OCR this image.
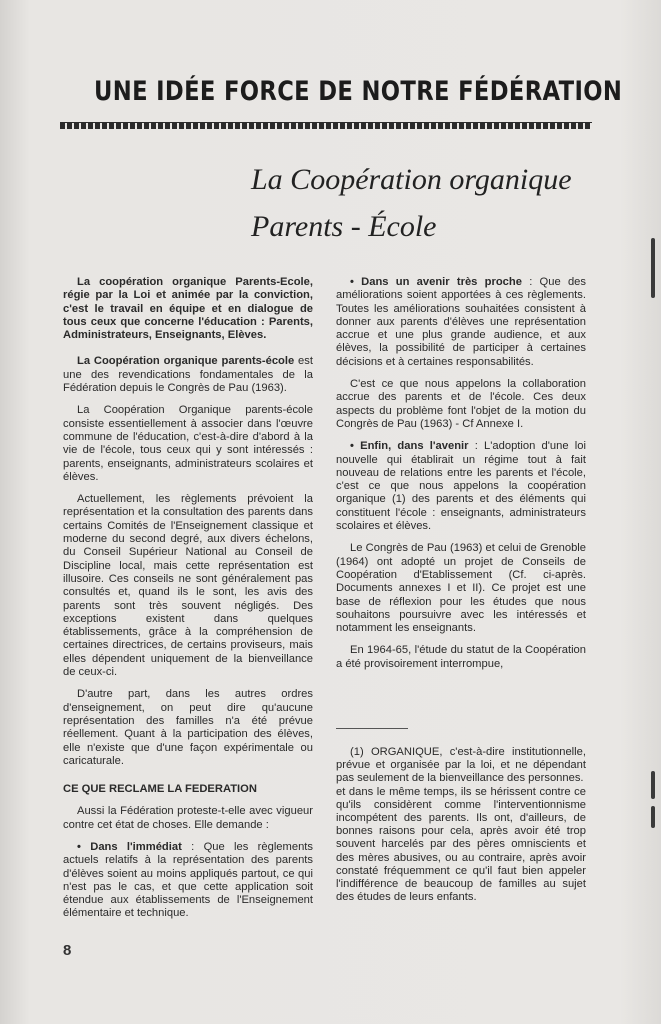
UNE IDÉE FORCE DE NOTRE FÉDÉRATION
La Coopération organique
Parents - École

La coopération organique Parents-Ecole, régie par la Loi et animée par la conviction, c'est le travail en équipe et en dialogue de tous ceux que concerne l'éducation : Parents, Administrateurs, Enseignants, Elèves.

La Coopération organique parents-école est une des revendications fondamentales de la Fédération depuis le Congrès de Pau (1963).

La Coopération Organique parents-école consiste essentiellement à associer dans l'œuvre commune de l'éducation, c'est-à-dire d'abord à la vie de l'école, tous ceux qui y sont intéressés : parents, enseignants, administrateurs scolaires et élèves.

Actuellement, les règlements prévoient la représentation et la consultation des parents dans certains Comités de l'Enseignement classique et moderne du second degré, aux divers échelons, du Conseil Supérieur National au Conseil de Discipline local, mais cette représentation est illusoire. Ces conseils ne sont généralement pas consultés et, quand ils le sont, les avis des parents sont très souvent négligés. Des exceptions existent dans quelques établissements, grâce à la compréhension de certaines directrices, de certains proviseurs, mais elles dépendent uniquement de la bienveillance de ceux-ci.

D'autre part, dans les autres ordres d'enseignement, on peut dire qu'aucune représentation des familles n'a été prévue réellement. Quant à la participation des élèves, elle n'existe que d'une façon expérimentale ou caricaturale.

CE QUE RECLAME LA FEDERATION

Aussi la Fédération proteste-t-elle avec vigueur contre cet état de choses. Elle demande :

• Dans l'immédiat : Que les règlements actuels relatifs à la représentation des parents d'élèves soient au moins appliqués partout, ce qui n'est pas le cas, et que cette application soit étendue aux établissements de l'Enseignement élémentaire et technique.

• Dans un avenir très proche : Que des améliorations soient apportées à ces règlements. Toutes les améliorations souhaitées consistent à donner aux parents d'élèves une représentation accrue et une plus grande audience, et aux élèves, la possibilité de participer à certaines décisions et à certaines responsabilités.

C'est ce que nous appelons la collaboration accrue des parents et de l'école. Ces deux aspects du problème font l'objet de la motion du Congrès de Pau (1963) - Cf Annexe I.

• Enfin, dans l'avenir : L'adoption d'une loi nouvelle qui établirait un régime tout à fait nouveau de relations entre les parents et l'école, c'est ce que nous appelons la coopération organique (1) des parents et des éléments qui constituent l'école : enseignants, administrateurs scolaires et élèves.

Le Congrès de Pau (1963) et celui de Grenoble (1964) ont adopté un projet de Conseils de Coopération d'Etablissement (Cf. ci-après. Documents annexes I et II). Ce projet est une base de réflexion pour les études que nous souhaitons poursuivre avec les intéressés et notamment les enseignants.

En 1964-65, l'étude du statut de la Coopération a été provisoirement interrompue,

(1) ORGANIQUE, c'est-à-dire institutionnelle, prévue et organisée par la loi, et ne dépendant pas seulement de la bienveillance des personnes.

et dans le même temps, ils se hérissent contre ce qu'ils considèrent comme l'interventionnisme incompétent des parents. Ils ont, d'ailleurs, de bonnes raisons pour cela, après avoir été trop souvent harcelés par des pères omniscients et des mères abusives, ou au contraire, après avoir constaté fréquemment ce qu'il faut bien appeler l'indifférence de beaucoup de familles au sujet des études de leurs enfants.

8
